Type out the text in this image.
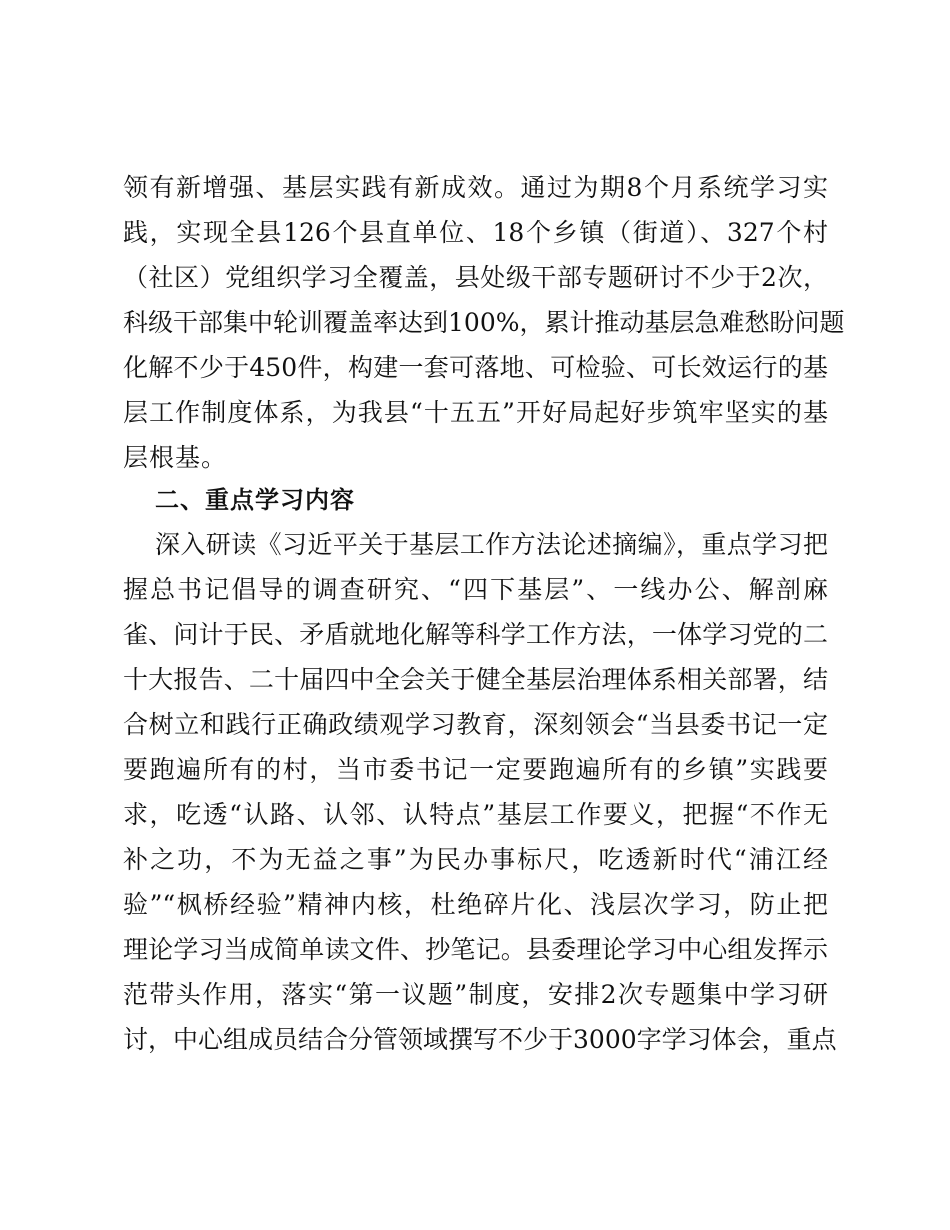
领有新增强、基层实践有新成效。通过为期8个月系统学习实
践，实现全县126个县直单位、18个乡镇（街道）、327个村
（社区）党组织学习全覆盖，县处级干部专题研讨不少于2次，
科级干部集中轮训覆盖率达到100%，累计推动基层急难愁盼问题
化解不少于450件，构建一套可落地、可检验、可长效运行的基
层工作制度体系，为我县“十五五”开好局起好步筑牢坚实的基
层根基。
二、重点学习内容
深入研读《习近平关于基层工作方法论述摘编》，重点学习把
握总书记倡导的调查研究、“四下基层”、一线办公、解剖麻
雀、问计于民、矛盾就地化解等科学工作方法，一体学习党的二
十大报告、二十届四中全会关于健全基层治理体系相关部署，结
合树立和践行正确政绩观学习教育，深刻领会“当县委书记一定
要跑遍所有的村，当市委书记一定要跑遍所有的乡镇”实践要
求，吃透“认路、认邻、认特点”基层工作要义，把握“不作无
补之功，不为无益之事”为民办事标尺，吃透新时代“浦江经
验”“枫桥经验”精神内核，杜绝碎片化、浅层次学习，防止把
理论学习当成简单读文件、抄笔记。县委理论学习中心组发挥示
范带头作用，落实“第一议题”制度，安排2次专题集中学习研
讨，中心组成员结合分管领域撰写不少于3000字学习体会，重点
